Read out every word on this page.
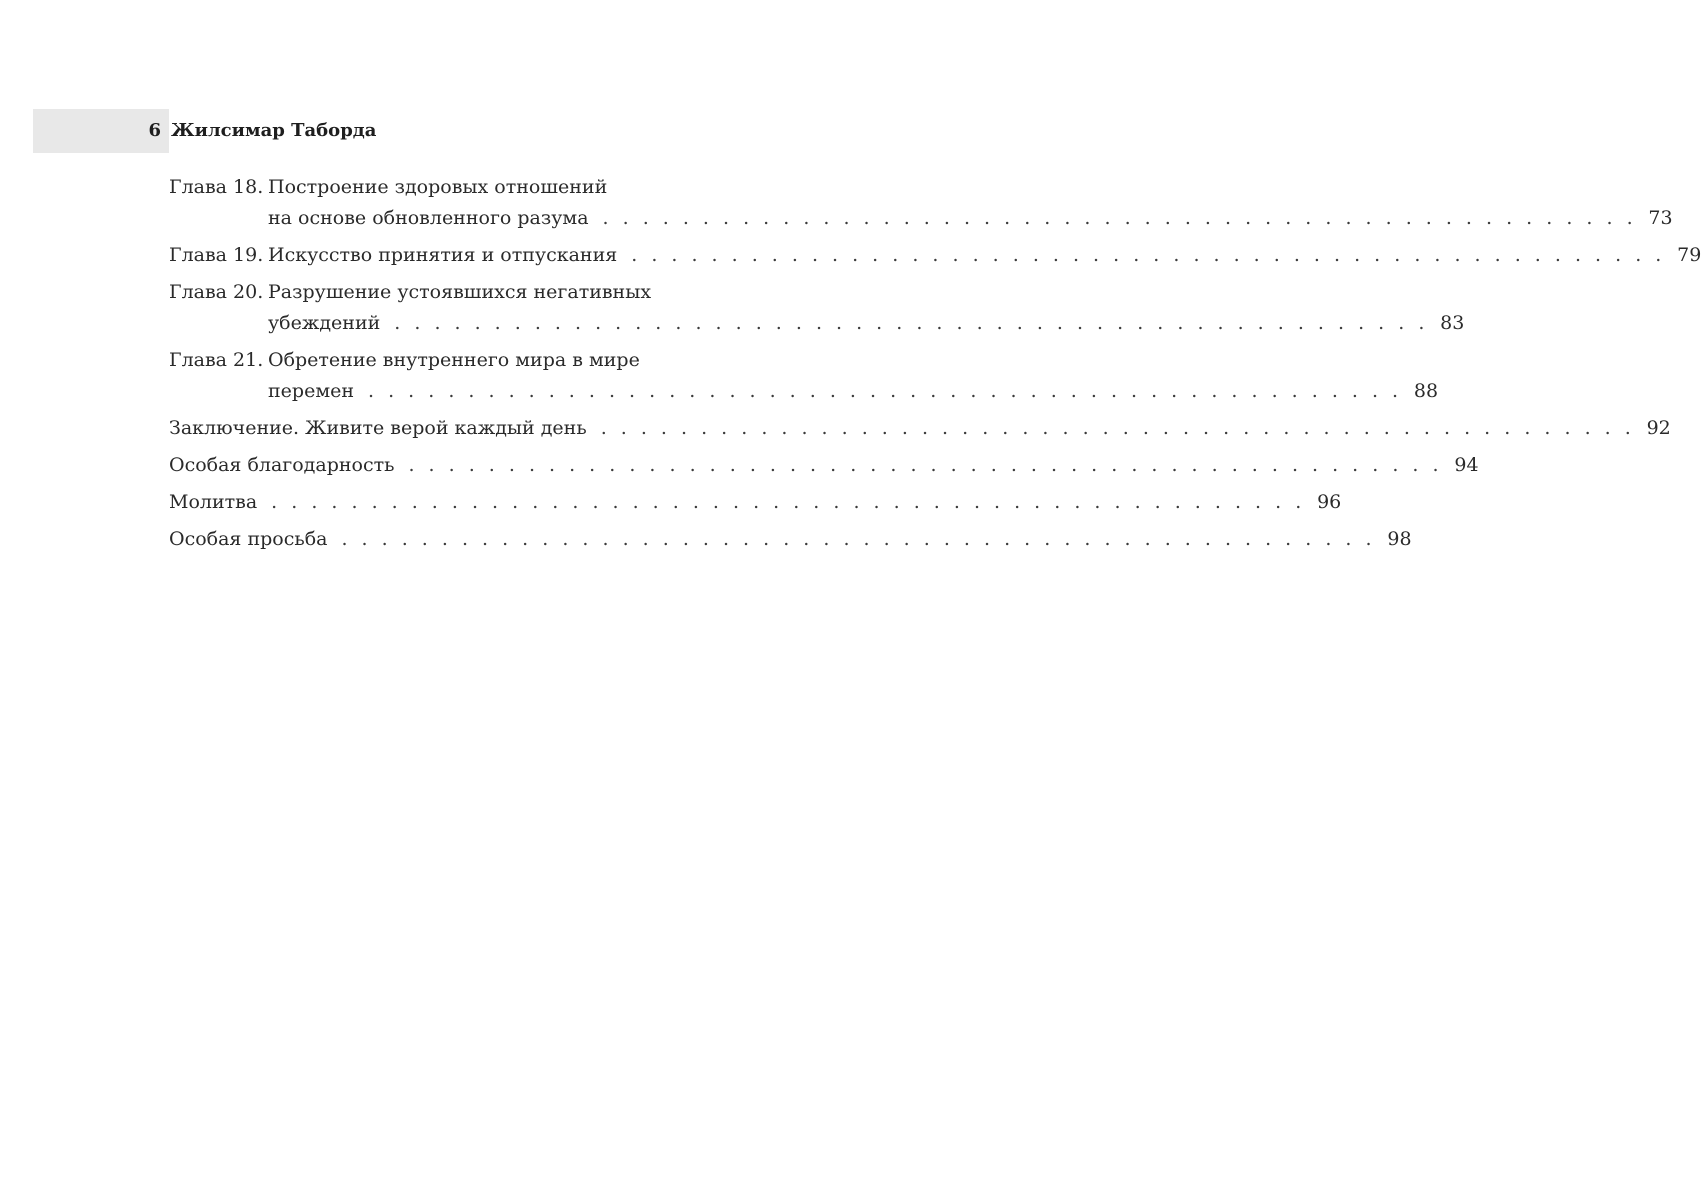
6 Жилсимар Таборда
Глава 18. Построение здоровых отношений
на основе обновленного разума . . . . . . . . . . . . . . . . . . . . . . . . . . . . . . . . . . . . . . . . . . . . . . . . . . . . 73
Глава 19. Искусство принятия и отпускания . . . . . . . . . . . . . . . . . . . . . . . . . . . . . . . . . . . . . . . . . . . . . . . . . . . . 79
Глава 20. Разрушение устоявшихся негативных
убеждений . . . . . . . . . . . . . . . . . . . . . . . . . . . . . . . . . . . . . . . . . . . . . . . . . . . . 83
Глава 21. Обретение внутреннего мира в мире
перемен . . . . . . . . . . . . . . . . . . . . . . . . . . . . . . . . . . . . . . . . . . . . . . . . . . . . 88
Заключение. Живите верой каждый день . . . . . . . . . . . . . . . . . . . . . . . . . . . . . . . . . . . . . . . . . . . . . . . . . . . . 92
Особая благодарность . . . . . . . . . . . . . . . . . . . . . . . . . . . . . . . . . . . . . . . . . . . . . . . . . . . . 94
Молитва . . . . . . . . . . . . . . . . . . . . . . . . . . . . . . . . . . . . . . . . . . . . . . . . . . . . 96
Особая просьба . . . . . . . . . . . . . . . . . . . . . . . . . . . . . . . . . . . . . . . . . . . . . . . . . . . . 98
